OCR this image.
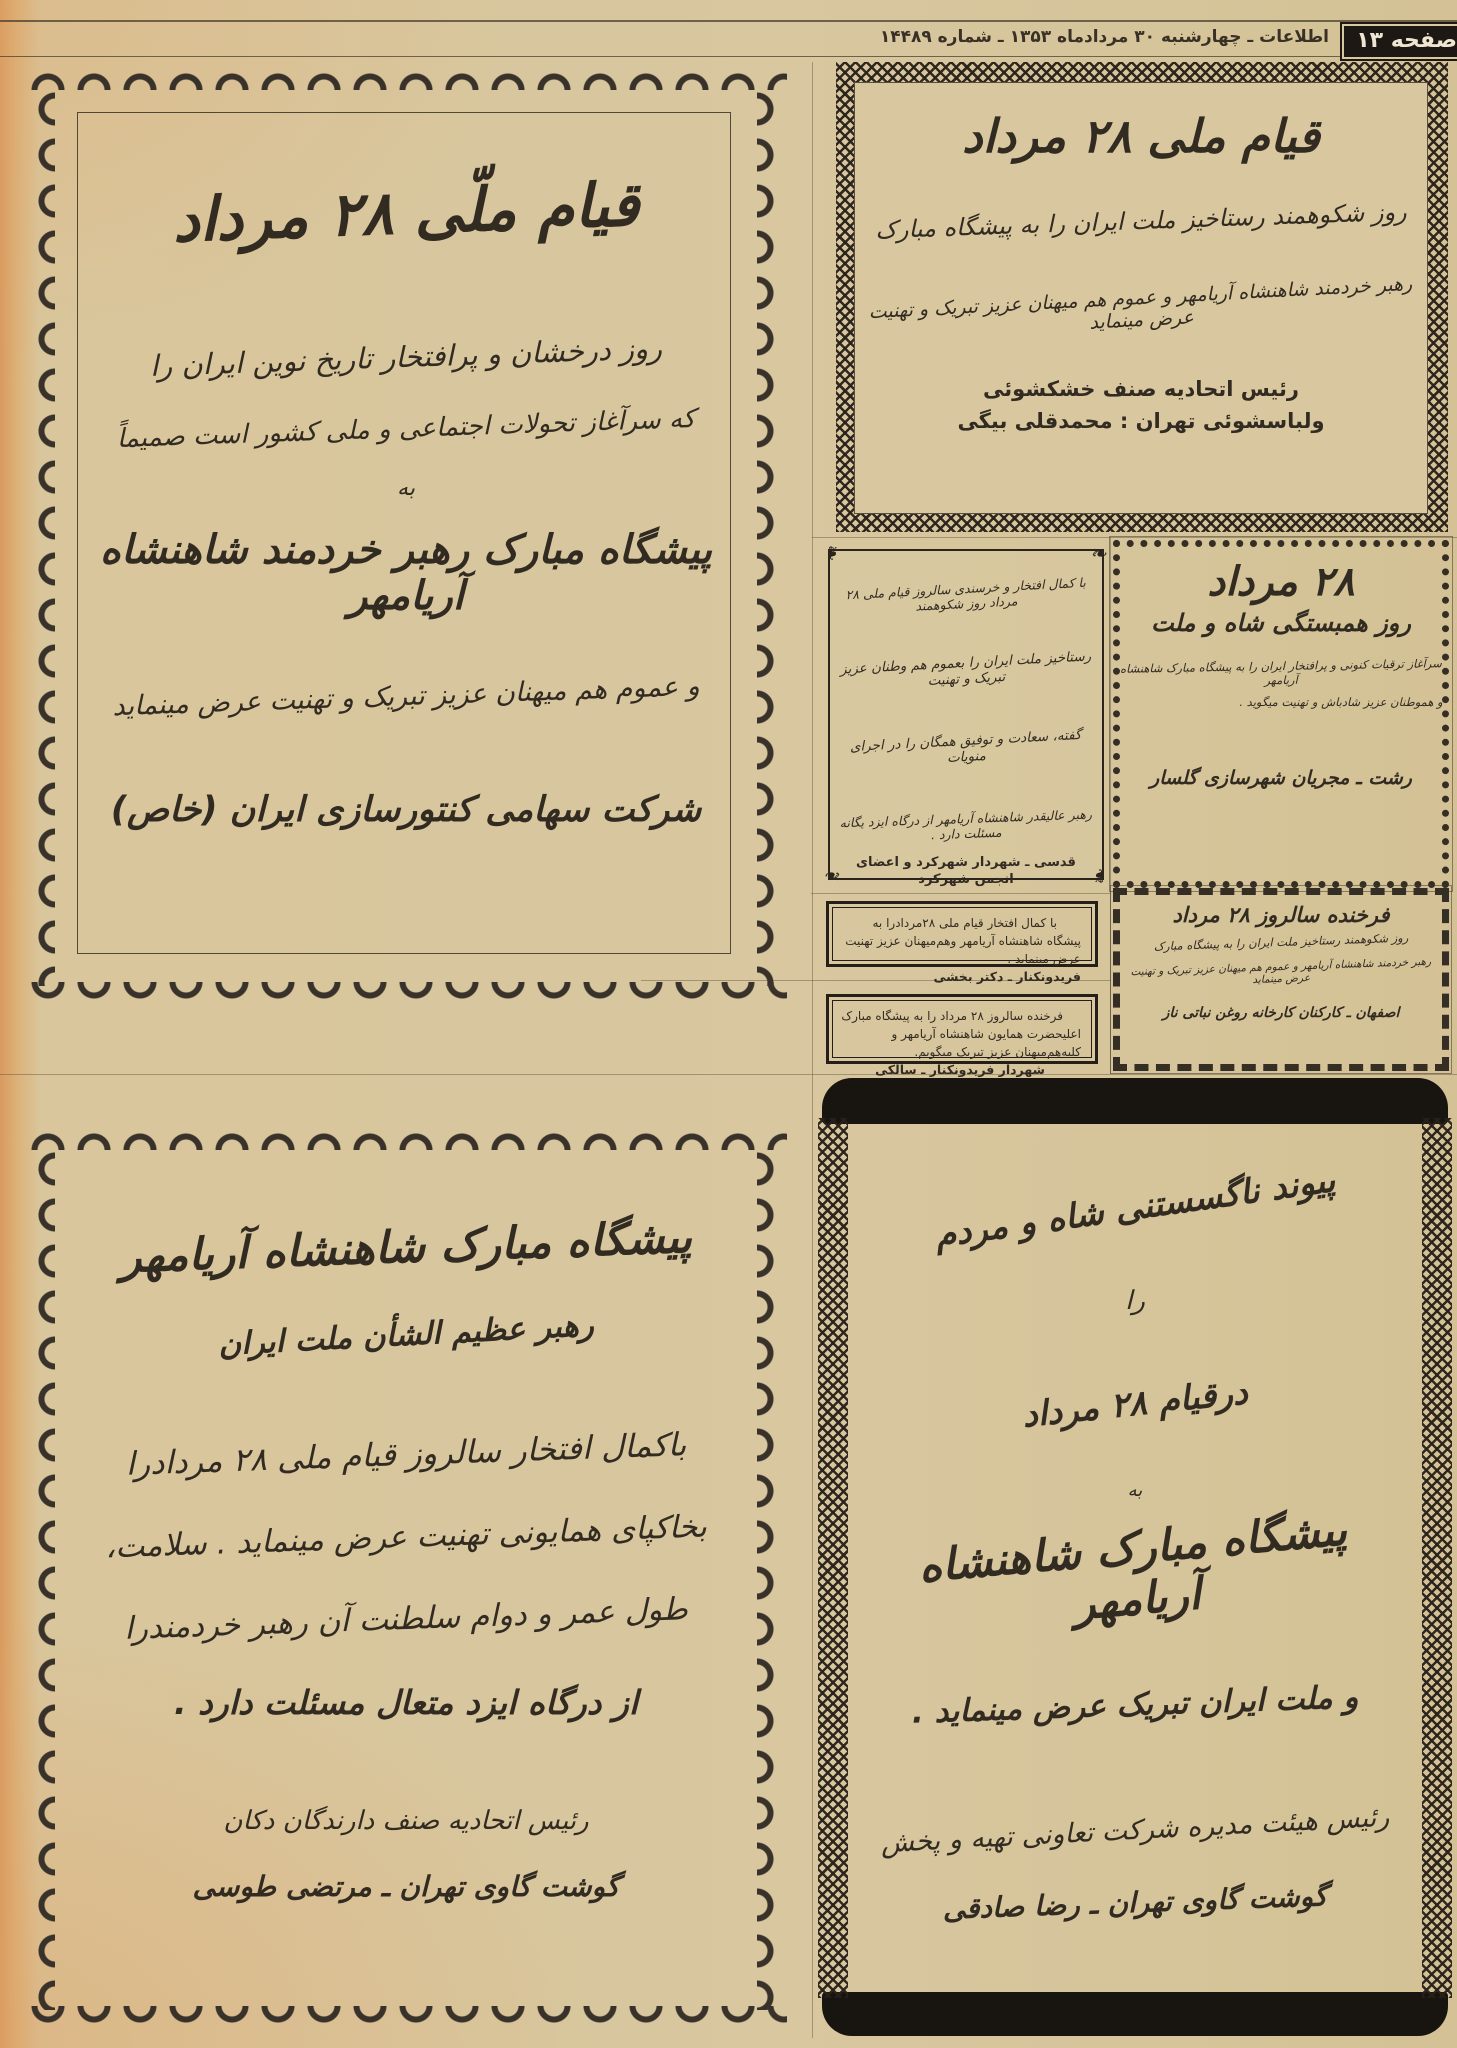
اطلاعات ـ چهارشنبه ۳۰ مردادماه ۱۳۵۳ ـ شماره ۱۴۴۸۹	صفحه ۱۳
قیام ملّی ۲۸ مرداد
روز درخشان و پرافتخار تاریخ نوین ایران را
که سرآغاز تحولات اجتماعی و ملی کشور است صمیماً
به
پیشگاه مبارک رهبر خردمند شاهنشاه آریامهر
و عموم هم میهنان عزیز تبریک و تهنیت عرض مینماید
شرکت سهامی کنتورسازی ایران (خاص)
قیام ملی ۲۸ مرداد
روز شکوهمند رستاخیز ملت ایران را به پیشگاه مبارک
رهبر خردمند شاهنشاه آریامهر و عموم هم میهنان عزیز تبریک و تهنیت عرض مینماید
رئیس اتحادیه صنف خشکشوئی
ولباسشوئی تهران : محمدقلی بیگی
❧
❧
❧
❧
با کمال افتخار و خرسندی سالروز قیام ملی ۲۸ مرداد روز شکوهمند
رستاخیز ملت ایران را بعموم هم وطنان عزیز تبریک و تهنیت
گفته، سعادت و توفیق همگان را در اجرای منویات
رهبر عالیقدر شاهنشاه آریامهر از درگاه ایزد یگانه مسئلت دارد .
قدسی ـ شهردار شهرکرد و اعضای
انجمن شهرکرد
۲۸ مرداد
روز همبستگی شاه و ملت
سرآغاز ترقیات کنونی و پرافتخار ایران را به پیشگاه مبارک شاهنشاه آریامهر
و هموطنان عزیز شادباش و تهنیت میگوید .
رشت ـ مجریان شهرسازی گلسار
با کمال افتخار قیام ملی ۲۸مردادرا به پیشگاه شاهنشاه آریامهر وهم‌میهنان عزیز تهنیت عرض مینماید .
فریدونکنار ـ دکتر بخشی
فرخنده سالروز ۲۸ مرداد را به پیشگاه مبارک اعلیحضرت همایون شاهنشاه آریامهر و کلیه‌هم‌میهنان عزیز تبریک میگویم.
شهردار فریدونکنار ـ سالکی
فرخنده سالروز ۲۸ مرداد
روز شکوهمند رستاخیز ملت ایران را به پیشگاه مبارک
رهبر خردمند شاهنشاه آریامهر و عموم هم میهنان عزیز تبریک و تهنیت عرض مینماید
اصفهان ـ کارکنان کارخانه روغن نباتی ناز
پیشگاه مبارک شاهنشاه آریامهر
رهبر عظیم الشأن ملت ایران
باکمال افتخار سالروز قیام ملی ۲۸ مردادرا
بخاکپای همایونی تهنیت عرض مینماید . سلامت،
طول عمر و دوام سلطنت آن رهبر خردمندرا
از درگاه ایزد متعال مسئلت دارد .
رئیس اتحادیه صنف دارندگان دکان
گوشت گاوی تهران ـ مرتضی طوسی
پیوند ناگسستنی شاه و مردم
را
درقیام ۲۸ مرداد
به
پیشگاه مبارک شاهنشاه آریامهر
و ملت ایران تبریک عرض مینماید .
رئیس هیئت مدیره شرکت تعاونی تهیه و پخش
گوشت گاوی تهران ـ رضا صادقی
